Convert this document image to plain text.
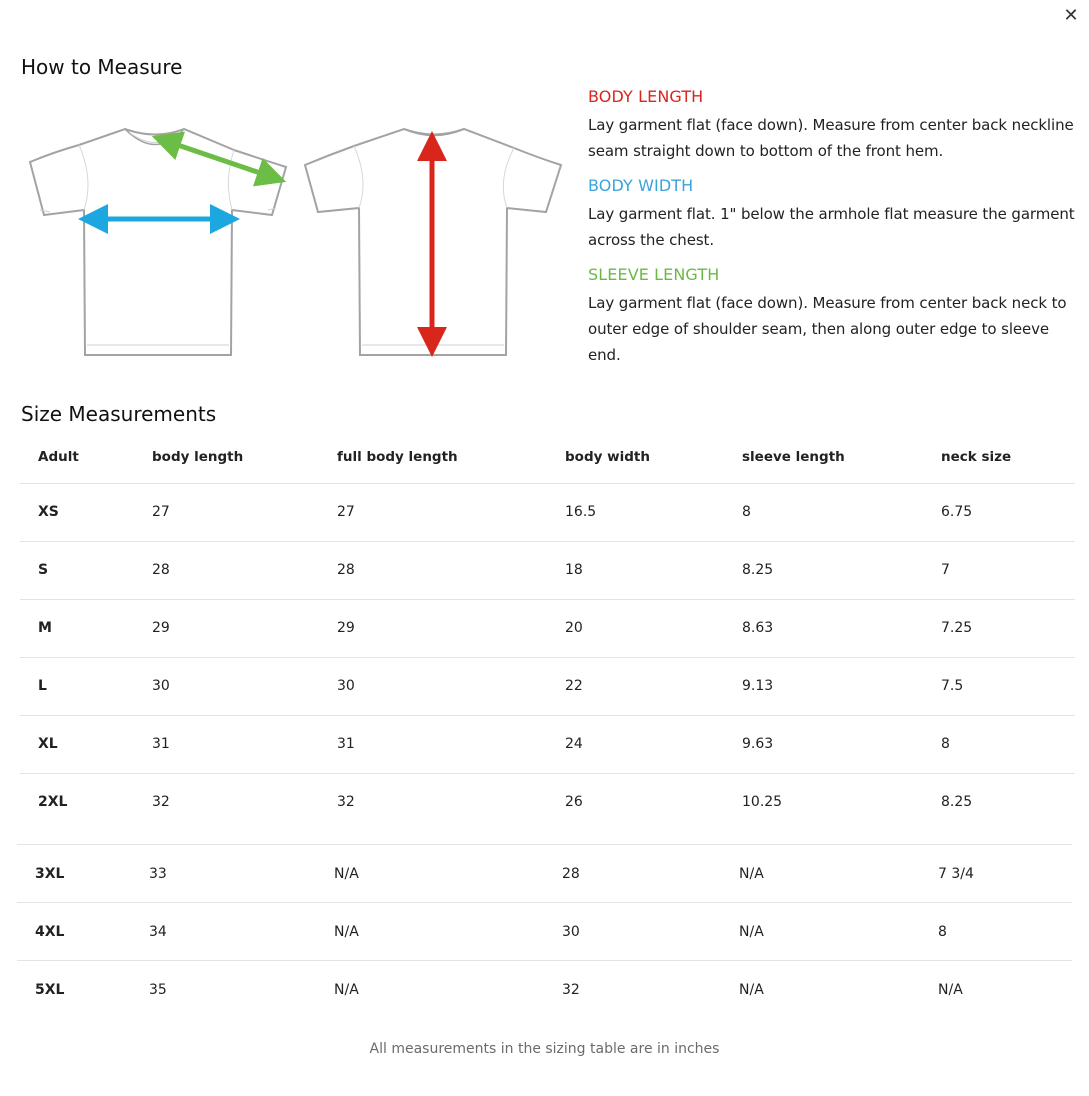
✕
How to Measure
BODY LENGTH

Lay garment flat (face down). Measure from center back neckline seam straight down to bottom of the front hem.

BODY WIDTH

Lay garment flat. 1" below the armhole flat measure the garment across the chest.

SLEEVE LENGTH

Lay garment flat (face down). Measure from center back neck to outer edge of shoulder seam, then along outer edge to sleeve end.

Size Measurements
Adult	body length	full body length	body width	sleeve length	neck size
XS	27	27	16.5	8	6.75
S	28	28	18	8.25	7
M	29	29	20	8.63	7.25
L	30	30	22	9.13	7.5
XL	31	31	24	9.63	8
2XL	32	32	26	10.25	8.25
3XL	33	N/A	28	N/A	7 3/4
4XL	34	N/A	30	N/A	8
5XL	35	N/A	32	N/A	N/A
All measurements in the sizing table are in inches
